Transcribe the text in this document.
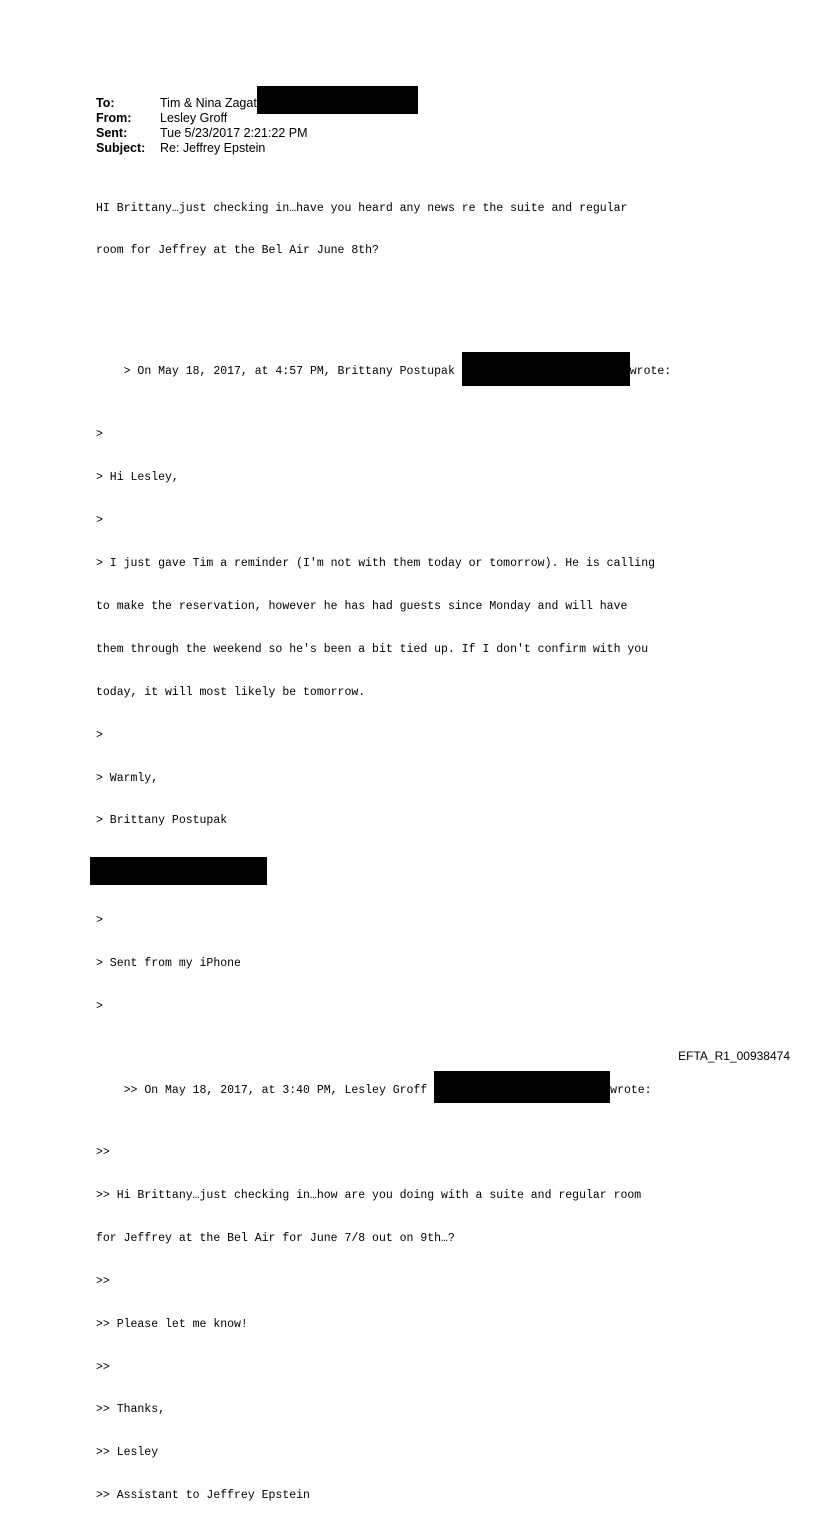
To:	Tim & Nina Zagat
From:	Lesley Groff
Sent:	Tue 5/23/2017 2:21:22 PM
Subject:	Re: Jeffrey Epstein

HI Brittany…just checking in…have you heard any news re the suite and regular

room for Jeffrey at the Bel Air June 8th?

> On May 18, 2017, at 4:57 PM, Brittany Postupak	wrote:

>

> Hi Lesley,

>

> I just gave Tim a reminder (I'm not with them today or tomorrow). He is calling

to make the reservation, however he has had guests since Monday and will have

them through the weekend so he's been a bit tied up. If I don't confirm with you

today, it will most likely be tomorrow.

>

> Warmly,

> Brittany Postupak

>

> Sent from my iPhone

>

>> On May 18, 2017, at 3:40 PM, Lesley Groff	wrote:

>>

>> Hi Brittany…just checking in…how are you doing with a suite and regular room

for Jeffrey at the Bel Air for June 7/8 out on 9th…?

>>

>> Please let me know!

>>

>> Thanks,

>> Lesley

>> Assistant to Jeffrey Epstein

EFTA_R1_00938474
